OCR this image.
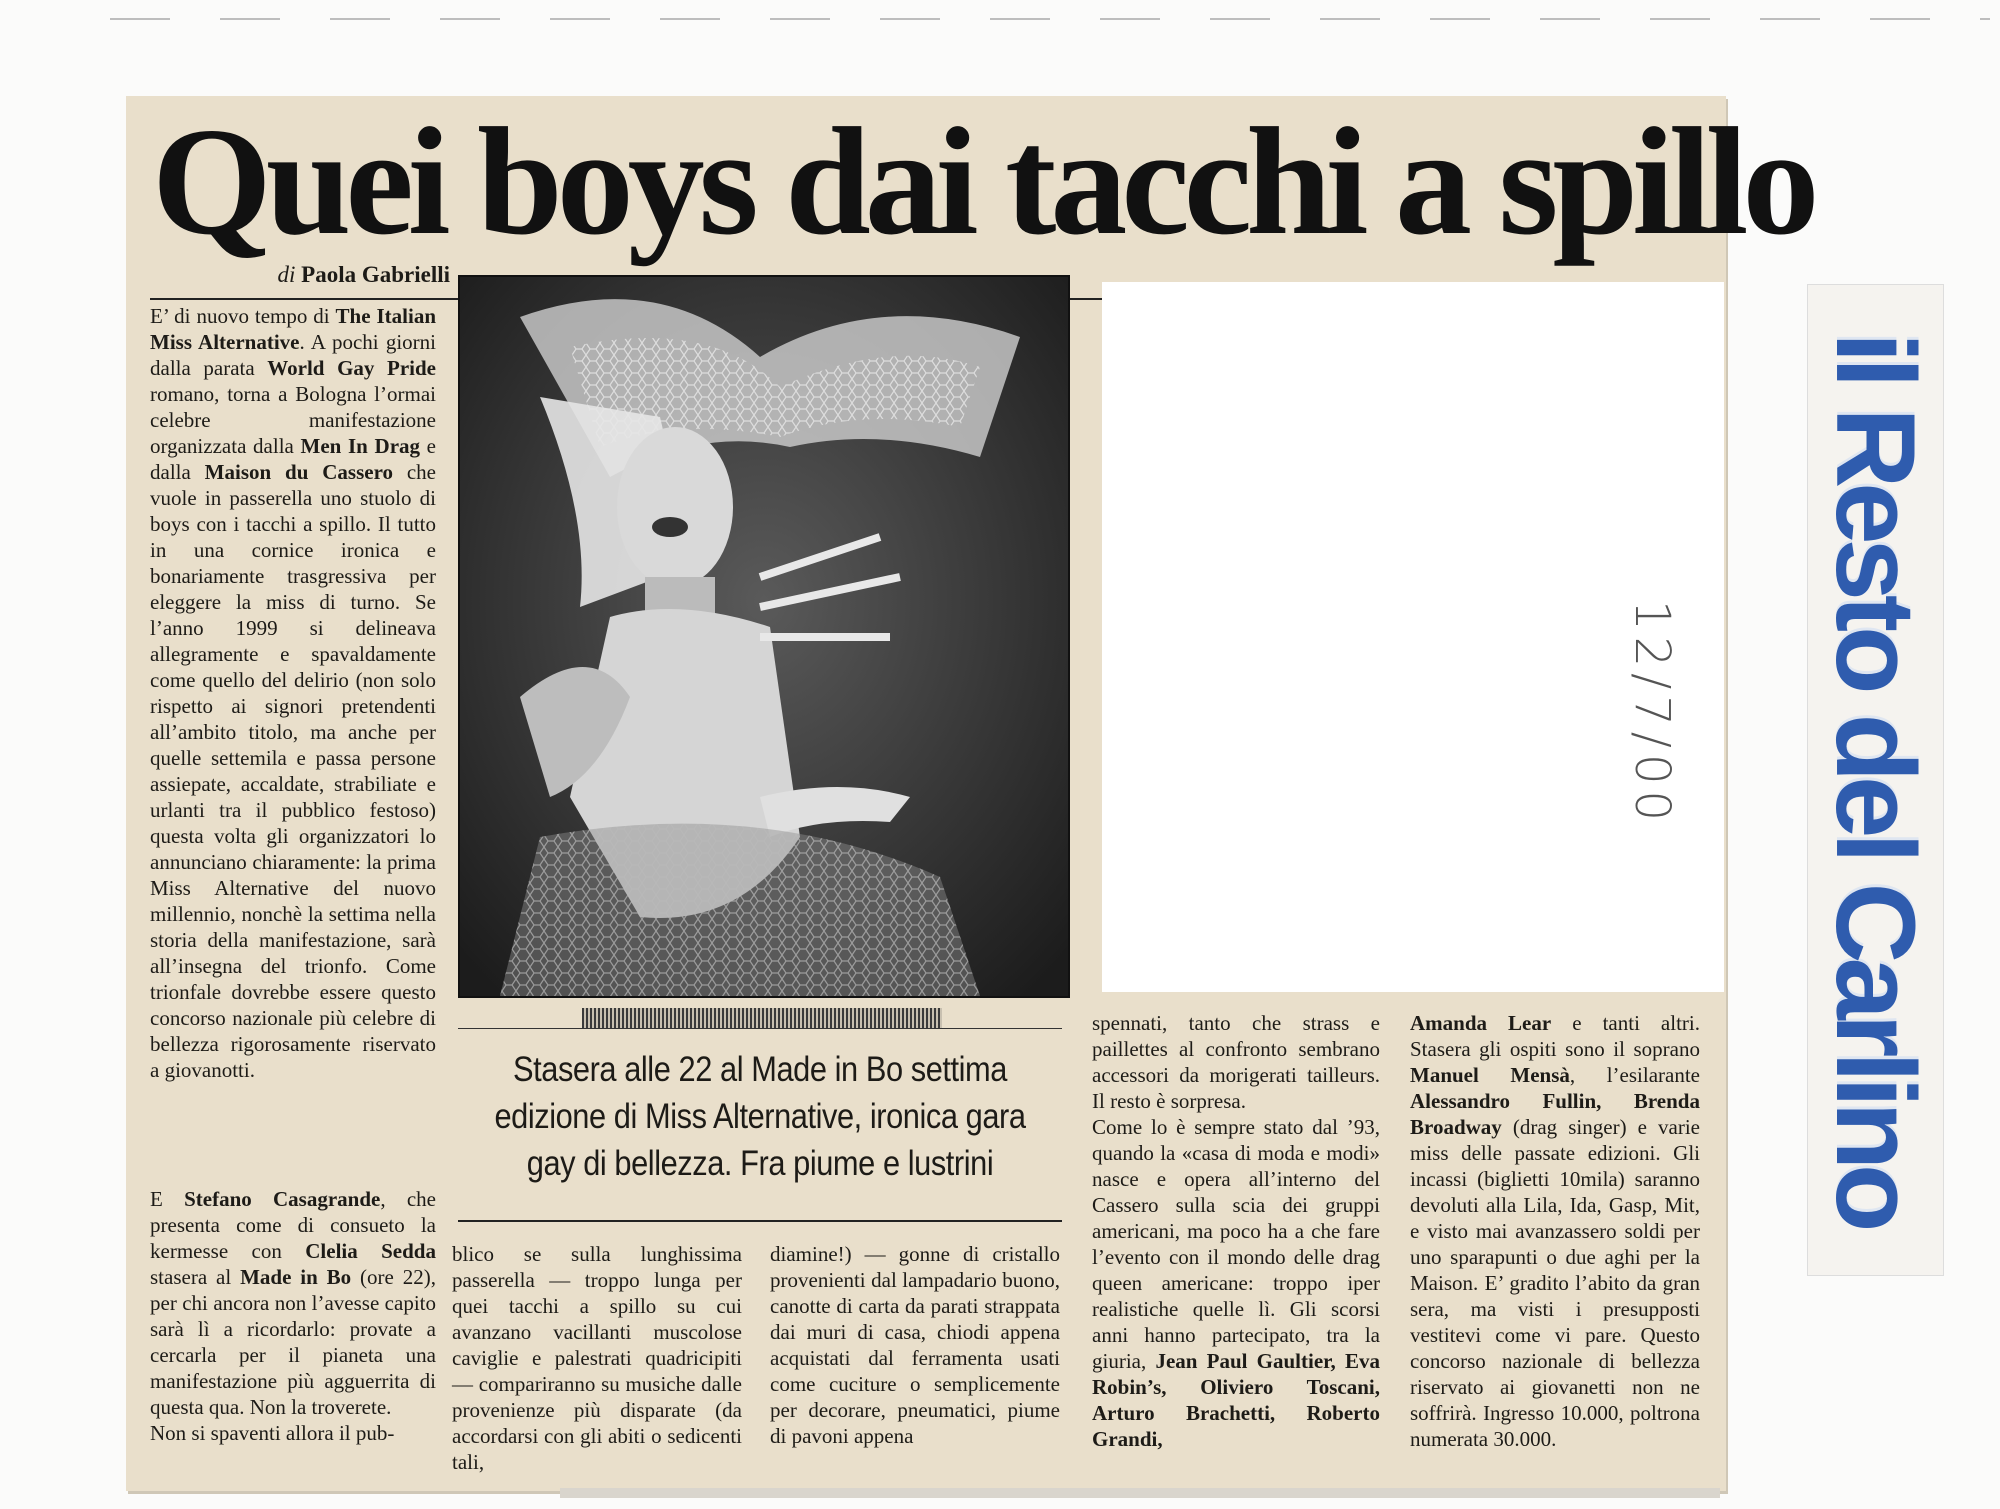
Quei boys dai tacchi a spillo
di Paola Gabrielli

E’ di nuovo tempo di The Italian Miss Alternative. A pochi giorni dalla parata World Gay Pride romano, torna a Bologna l’ormai celebre manifestazione organizzata dalla Men In Drag e dalla Maison du Cassero che vuole in passerella uno stuolo di boys con i tacchi a spillo. Il tutto in una cornice ironica e bonariamente trasgressiva per eleggere la miss di turno. Se l’anno 1999 si delineava allegramente e spavaldamente come quello del delirio (non solo rispetto ai signori pretendenti all’ambito titolo, ma anche per quelle settemila e passa persone assiepate, accaldate, strabiliate e urlanti tra il pubblico festoso) questa volta gli organizzatori lo annunciano chiaramente: la prima Miss Alternative del nuovo millennio, nonchè la settima nella storia della manifestazione, sarà all’insegna del trionfo. Come trionfale dovrebbe essere questo concorso nazionale più celebre di bellezza rigorosamente riservato a giovanotti.

E Stefano Casagrande, che presenta come di consueto la kermesse con Clelia Sedda stasera al Made in Bo (ore 22), per chi ancora non l’avesse capito sarà lì a ricordarlo: provate a cercarla per il pianeta una manifestazione più agguerrita di questa qua. Non la troverete.

Non si spaventi allora il pub-

Stasera alle 22 al Made in Bo settima edizione di Miss Alternative, ironica gara gay di bellezza. Fra piume e lustrini

blico se sulla lunghissima passerella — troppo lunga per quei tacchi a spillo su cui avanzano vacillanti muscolose caviglie e palestrati quadricipiti — compariranno su musiche dalle provenienze più disparate (da accordarsi con gli abiti o sedicenti tali,

diamine!) — gonne di cristallo provenienti dal lampadario buono, canotte di carta da parati strappata dai muri di casa, chiodi appena acquistati dal ferramenta usati come cuciture o semplicemente per decorare, pneumatici, piume di pavoni appena

spennati, tanto che strass e paillettes al confronto sembrano accessori da morigerati tailleurs. Il resto è sorpresa.

Come lo è sempre stato dal ’93, quando la «casa di moda e modi» nasce e opera all’interno del Cassero sulla scia dei gruppi americani, ma poco ha a che fare l’evento con il mondo delle drag queen americane: troppo iper realistiche quelle lì. Gli scorsi anni hanno partecipato, tra la giuria, Jean Paul Gaultier, Eva Robin’s, Oliviero Toscani, Arturo Brachetti, Roberto Grandi,

Amanda Lear e tanti altri. Stasera gli ospiti sono il soprano Manuel Mensà, l’esilarante Alessandro Fullin, Brenda Broadway (drag singer) e varie miss delle passate edizioni. Gli incassi (biglietti 10mila) saranno devoluti alla Lila, Ida, Gasp, Mit, e visto mai avanzassero soldi per uno sparapunti o due aghi per la Maison. E’ gradito l’abito da gran sera, ma visti i presupposti vestitevi come vi pare. Questo concorso nazionale di bellezza riservato ai giovanetti non ne soffrirà. Ingresso 10.000, poltrona numerata 30.000.

il Resto del Carlino
12/7/00
